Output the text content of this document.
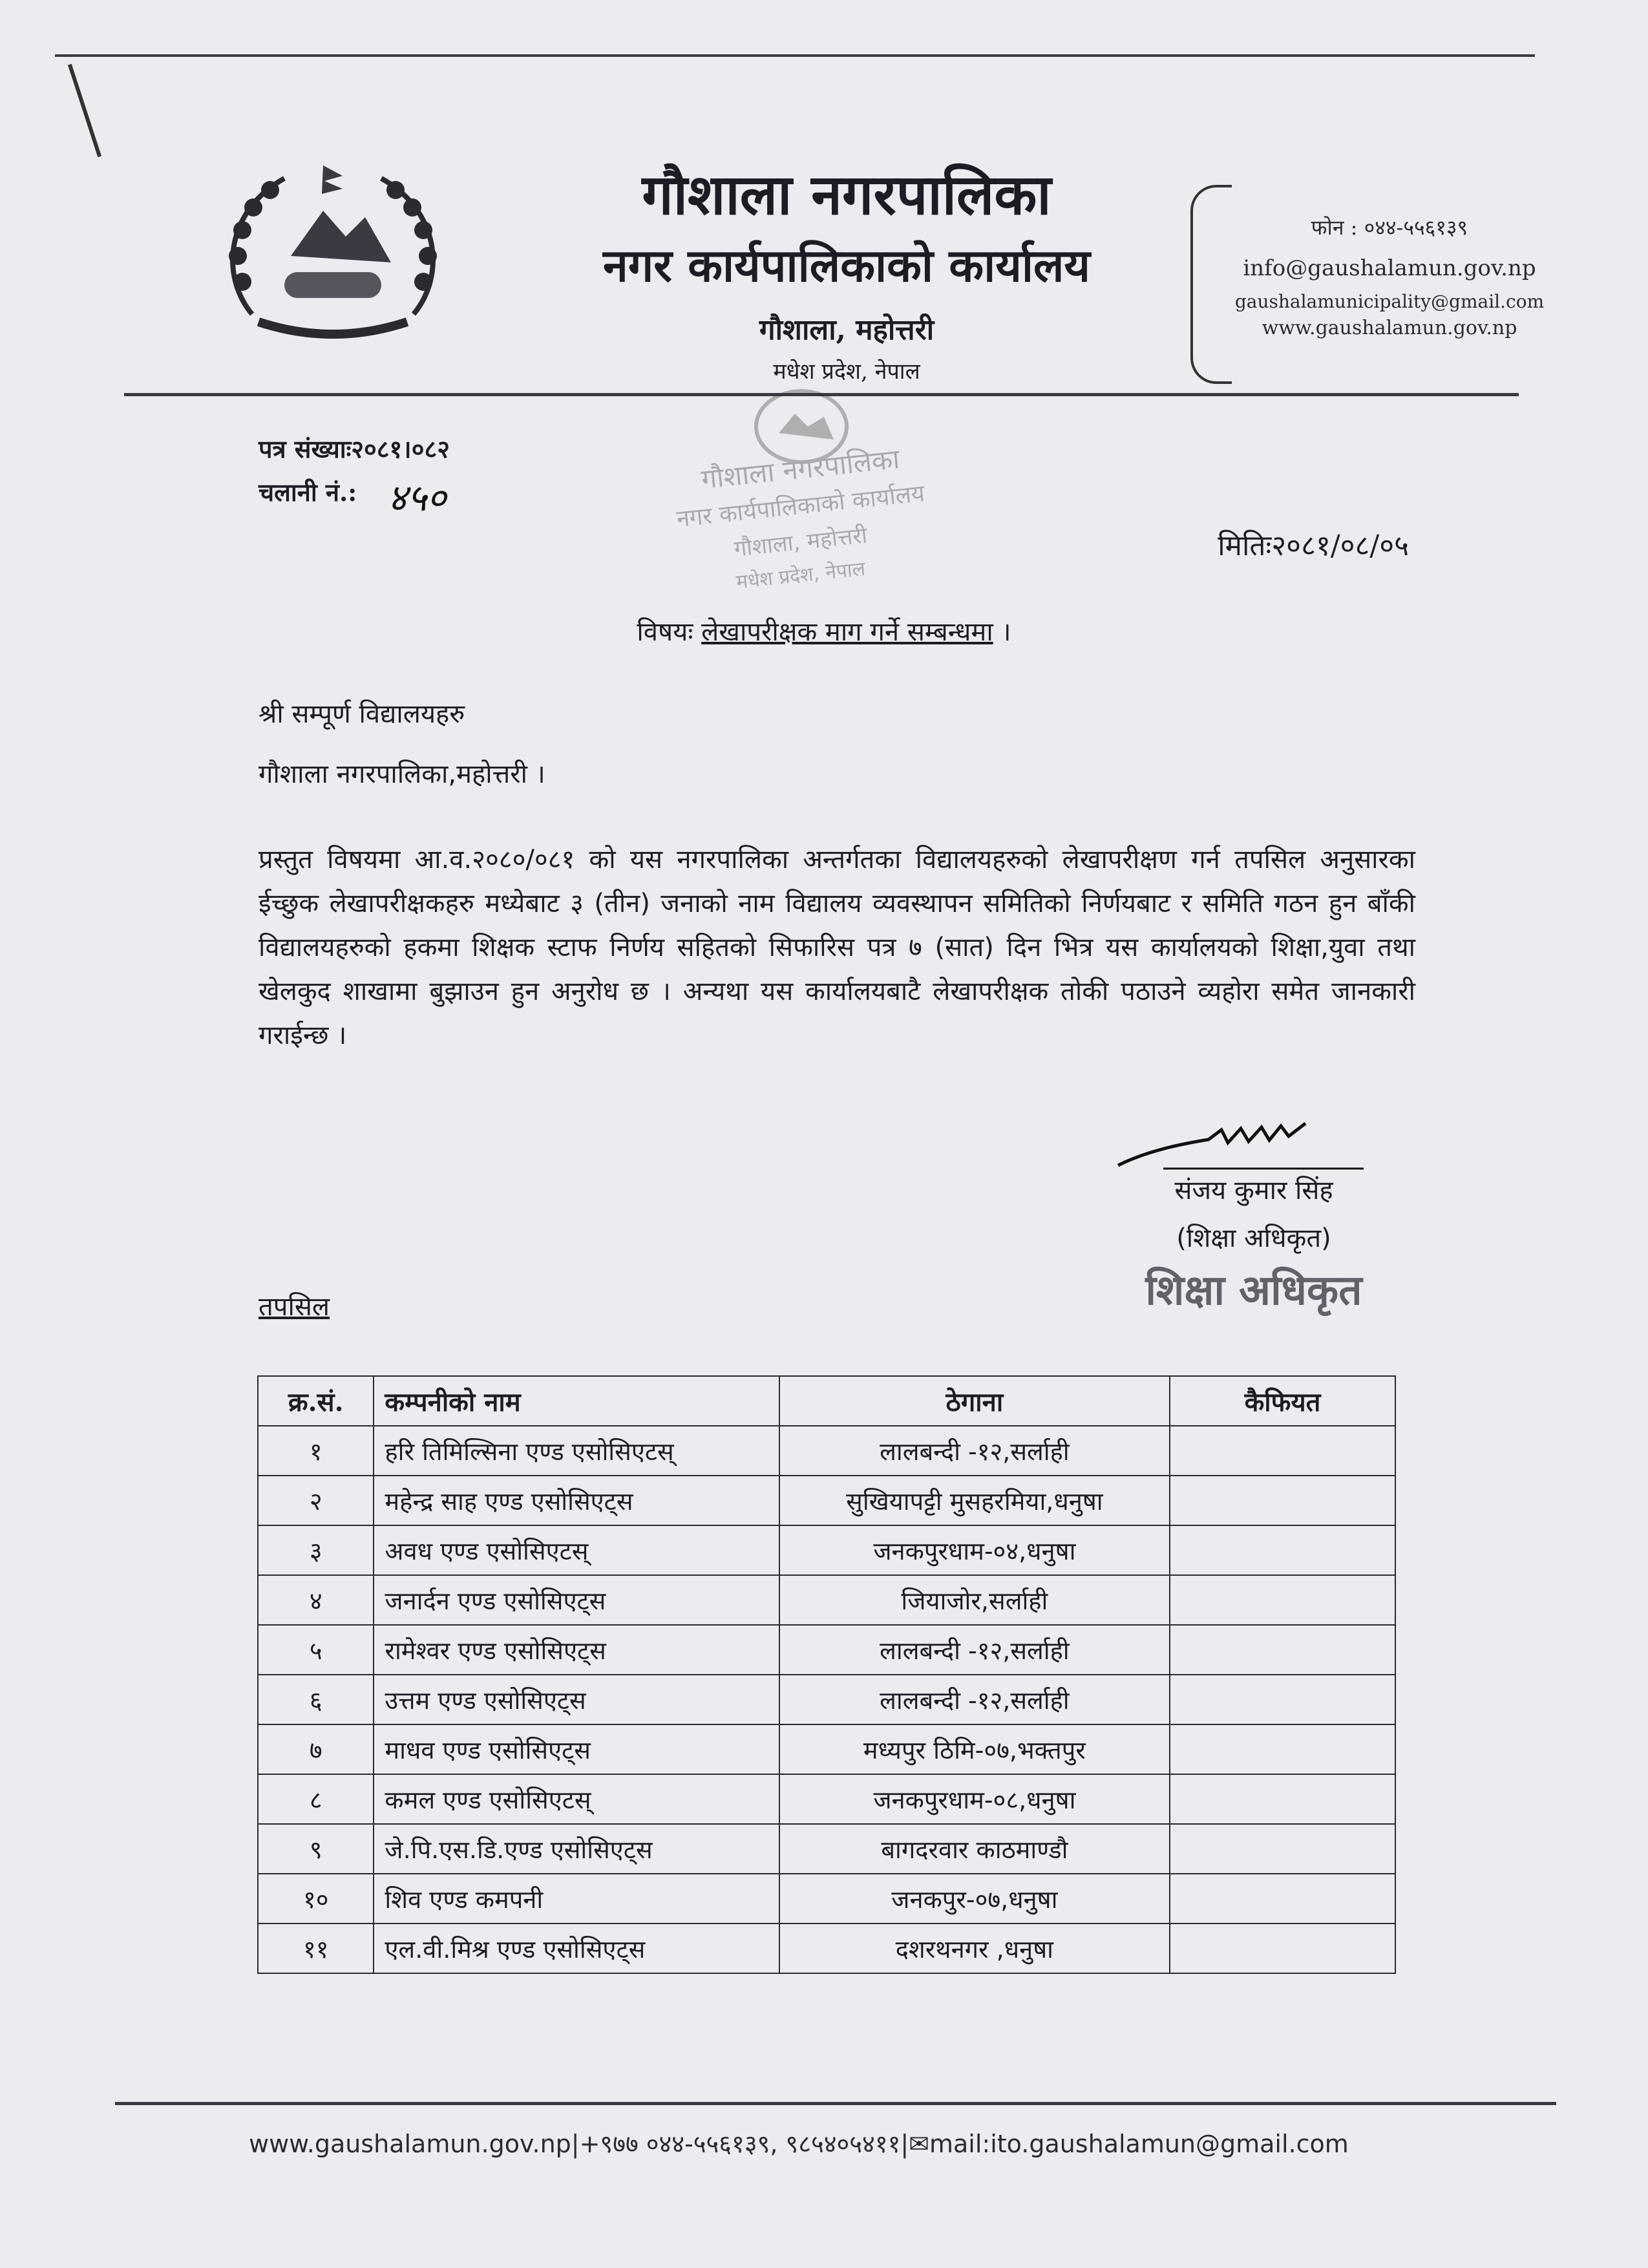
गौशाला नगरपालिका
नगर कार्यपालिकाको कार्यालय
गौशाला, महोत्तरी
मधेश प्रदेश, नेपाल
फोन : ०४४-५५६१३९
info@gaushalamun.gov.np
gaushalamunicipality@gmail.com
www.gaushalamun.gov.np
पत्र संख्याः२०८१।०८२
चलानी नं.: ४५०
गौशाला नगरपालिका
नगर कार्यपालिकाको कार्यालय
गौशाला, महोत्तरी
मधेश प्रदेश, नेपाल
मितिः२०८१/०८/०५
विषयः लेखापरीक्षक माग गर्ने सम्बन्धमा ।
श्री सम्पूर्ण विद्यालयहरु
गौशाला नगरपालिका,महोत्तरी ।
प्रस्तुत विषयमा आ.व.२०८०/०८१ को यस नगरपालिका अन्तर्गतका विद्यालयहरुको लेखापरीक्षण गर्न तपसिल अनुसारका ईच्छुक लेखापरीक्षकहरु मध्येबाट ३ (तीन) जनाको नाम विद्यालय व्यवस्थापन समितिको निर्णयबाट र समिति गठन हुन बाँकी विद्यालयहरुको हकमा शिक्षक स्टाफ निर्णय सहितको सिफारिस पत्र ७ (सात) दिन भित्र यस कार्यालयको शिक्षा,युवा तथा खेलकुद शाखामा बुझाउन हुन अनुरोध छ । अन्यथा यस कार्यालयबाटै लेखापरीक्षक तोकी पठाउने व्यहोरा समेत जानकारी गराईन्छ ।
संजय कुमार सिंह
(शिक्षा अधिकृत)
शिक्षा अधिकृत
तपसिल
क्र.सं.	कम्पनीको नाम	ठेगाना	कैफियत
१	हरि तिमिल्सिना एण्ड एसोसिएटस्	लालबन्दी -१२,सर्लाही	
२	महेन्द्र साह एण्ड एसोसिएट्स	सुखियापट्टी मुसहरमिया,धनुषा	
३	अवध एण्ड एसोसिएटस्	जनकपुरधाम-०४,धनुषा	
४	जनार्दन एण्ड एसोसिएट्स	जियाजोर,सर्लाही	
५	रामेश्वर एण्ड एसोसिएट्स	लालबन्दी -१२,सर्लाही	
६	उत्तम एण्ड एसोसिएट्स	लालबन्दी -१२,सर्लाही	
७	माधव एण्ड एसोसिएट्स	मध्यपुर ठिमि-०७,भक्तपुर	
८	कमल एण्ड एसोसिएटस्	जनकपुरधाम-०८,धनुषा	
९	जे.पि.एस.डि.एण्ड एसोसिएट्स	बागदरवार काठमाण्डौ	
१०	शिव एण्ड कमपनी	जनकपुर-०७,धनुषा	
११	एल.वी.मिश्र एण्ड एसोसिएट्स	दशरथनगर ,धनुषा	
www.gaushalamun.gov.np|+९७७ ०४४-५५६१३९, ९८५४०५४११|✉mail:ito.gaushalamun@gmail.com
